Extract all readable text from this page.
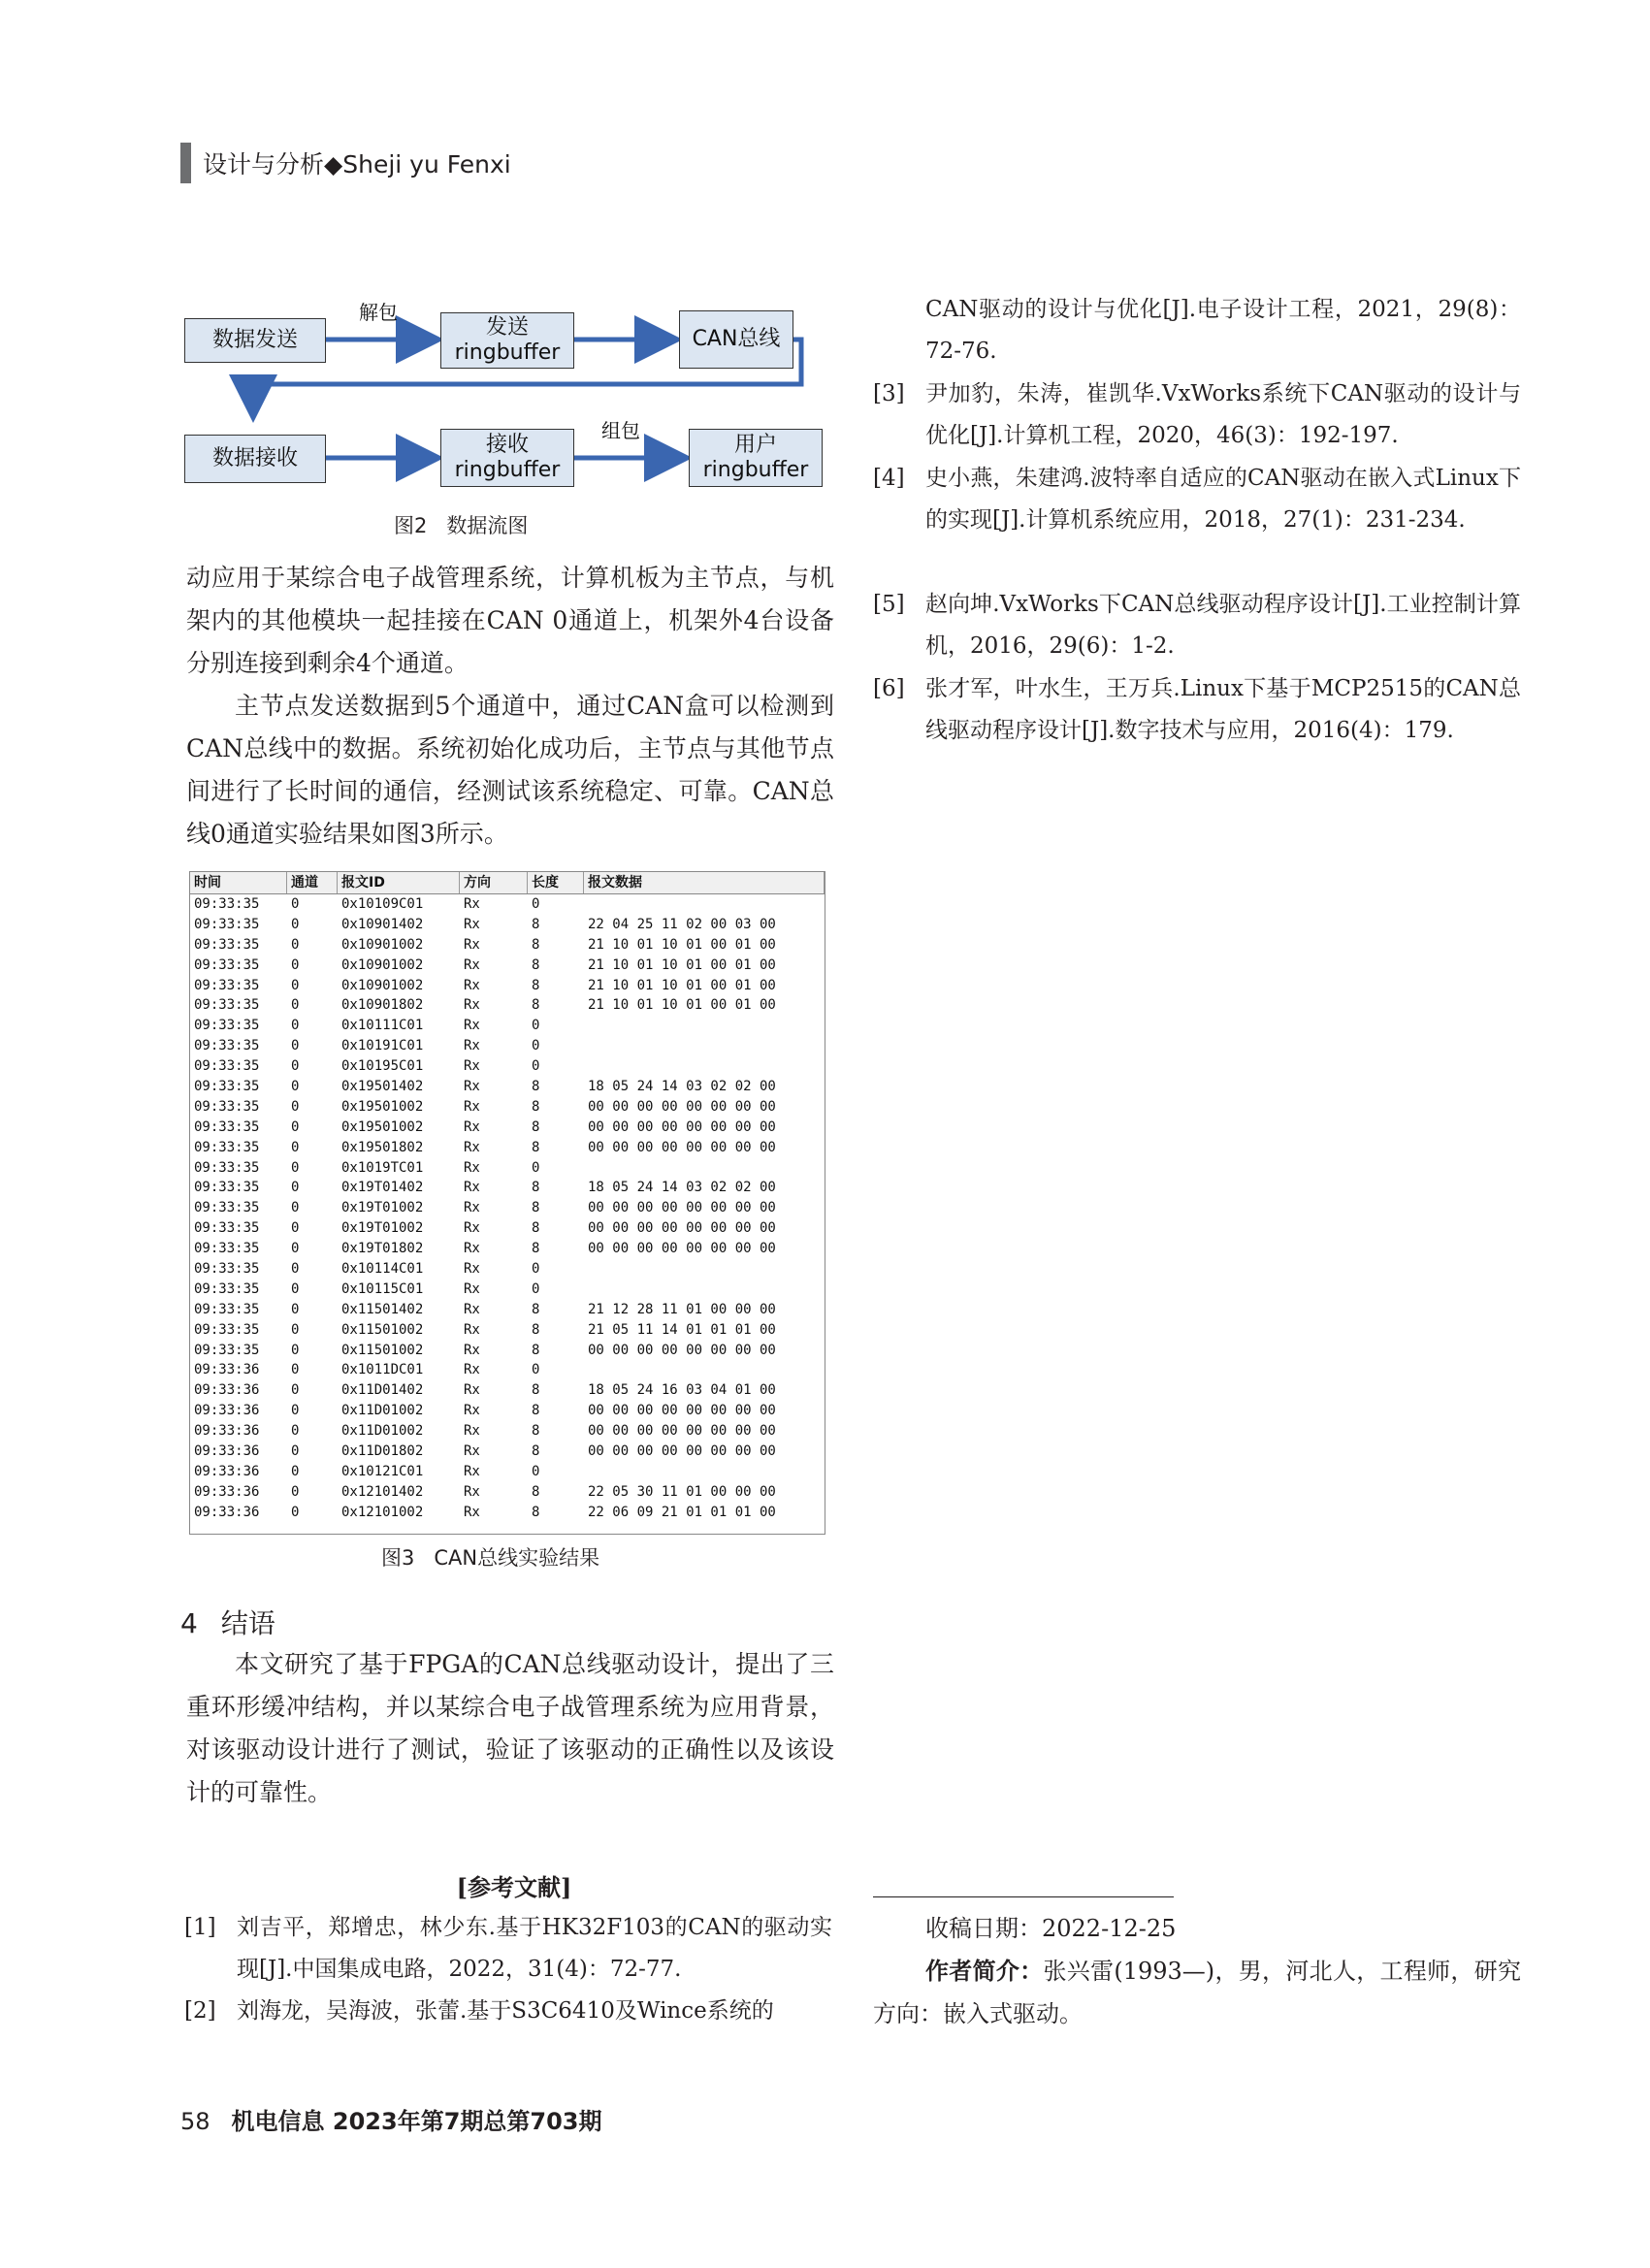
设计与分析◆Sheji yu Fenxi
数据发送
发送
ringbuffer
CAN总线
数据接收
接收
ringbuffer
用户
ringbuffer
解包
组包
图2   数据流图

动应用于某综合电子战管理系统，计算机板为主节点，与机架内的其他模块一起挂接在CAN 0通道上，机架外4台设备分别连接到剩余4个通道。

主节点发送数据到5个通道中，通过CAN盒可以检测到CAN总线中的数据。系统初始化成功后，主节点与其他节点间进行了长时间的通信，经测试该系统稳定、可靠。CAN总线0通道实验结果如图3所示。

时间	通道	报文ID	方向	长度	报文数据
09:33:35	0	0x10109C01	Rx	0
09:33:35	0	0x10901402	Rx	8	22 04 25 11 02 00 03 00
09:33:35	0	0x10901002	Rx	8	21 10 01 10 01 00 01 00
09:33:35	0	0x10901002	Rx	8	21 10 01 10 01 00 01 00
09:33:35	0	0x10901002	Rx	8	21 10 01 10 01 00 01 00
09:33:35	0	0x10901802	Rx	8	21 10 01 10 01 00 01 00
09:33:35	0	0x10111C01	Rx	0
09:33:35	0	0x10191C01	Rx	0
09:33:35	0	0x10195C01	Rx	0
09:33:35	0	0x19501402	Rx	8	18 05 24 14 03 02 02 00
09:33:35	0	0x19501002	Rx	8	00 00 00 00 00 00 00 00
09:33:35	0	0x19501002	Rx	8	00 00 00 00 00 00 00 00
09:33:35	0	0x19501802	Rx	8	00 00 00 00 00 00 00 00
09:33:35	0	0x1019TC01	Rx	0
09:33:35	0	0x19T01402	Rx	8	18 05 24 14 03 02 02 00
09:33:35	0	0x19T01002	Rx	8	00 00 00 00 00 00 00 00
09:33:35	0	0x19T01002	Rx	8	00 00 00 00 00 00 00 00
09:33:35	0	0x19T01802	Rx	8	00 00 00 00 00 00 00 00
09:33:35	0	0x10114C01	Rx	0
09:33:35	0	0x10115C01	Rx	0
09:33:35	0	0x11501402	Rx	8	21 12 28 11 01 00 00 00
09:33:35	0	0x11501002	Rx	8	21 05 11 14 01 01 01 00
09:33:35	0	0x11501002	Rx	8	00 00 00 00 00 00 00 00
09:33:36	0	0x1011DC01	Rx	0
09:33:36	0	0x11D01402	Rx	8	18 05 24 16 03 04 01 00
09:33:36	0	0x11D01002	Rx	8	00 00 00 00 00 00 00 00
09:33:36	0	0x11D01002	Rx	8	00 00 00 00 00 00 00 00
09:33:36	0	0x11D01802	Rx	8	00 00 00 00 00 00 00 00
09:33:36	0	0x10121C01	Rx	0
09:33:36	0	0x12101402	Rx	8	22 05 30 11 01 00 00 00
09:33:36	0	0x12101002	Rx	8	22 06 09 21 01 01 01 00
图3   CAN总线实验结果
4 结语

本文研究了基于FPGA的CAN总线驱动设计，提出了三重环形缓冲结构，并以某综合电子战管理系统为应用背景，对该驱动设计进行了测试，验证了该驱动的正确性以及该设计的可靠性。

[参考文献]
[1] 刘吉平，郑增忠，林少东.基于HK32F103的CAN的驱动实现[J].中国集成电路，2022，31(4)：72-77.
[2] 刘海龙，吴海波，张蕾.基于S3C6410及Wince系统的
CAN驱动的设计与优化[J].电子设计工程，2021，29(8)：72-76.
[3] 尹加豹，朱涛，崔凯华.VxWorks系统下CAN驱动的设计与优化[J].计算机工程，2020，46(3)：192-197.
[4] 史小燕，朱建鸿.波特率自适应的CAN驱动在嵌入式Linux下的实现[J].计算机系统应用，2018，27(1)：231-234.
[5] 赵向坤.VxWorks下CAN总线驱动程序设计[J].工业控制计算机，2016，29(6)：1-2.
[6] 张才军，叶水生，王万兵.Linux下基于MCP2515的CAN总线驱动程序设计[J].数字技术与应用，2016(4)：179.
收稿日期：2022-12-25
作者简介：张兴雷(1993—)，男，河北人，工程师，研究方向：嵌入式驱动。
58 机电信息 2023年第7期总第703期
